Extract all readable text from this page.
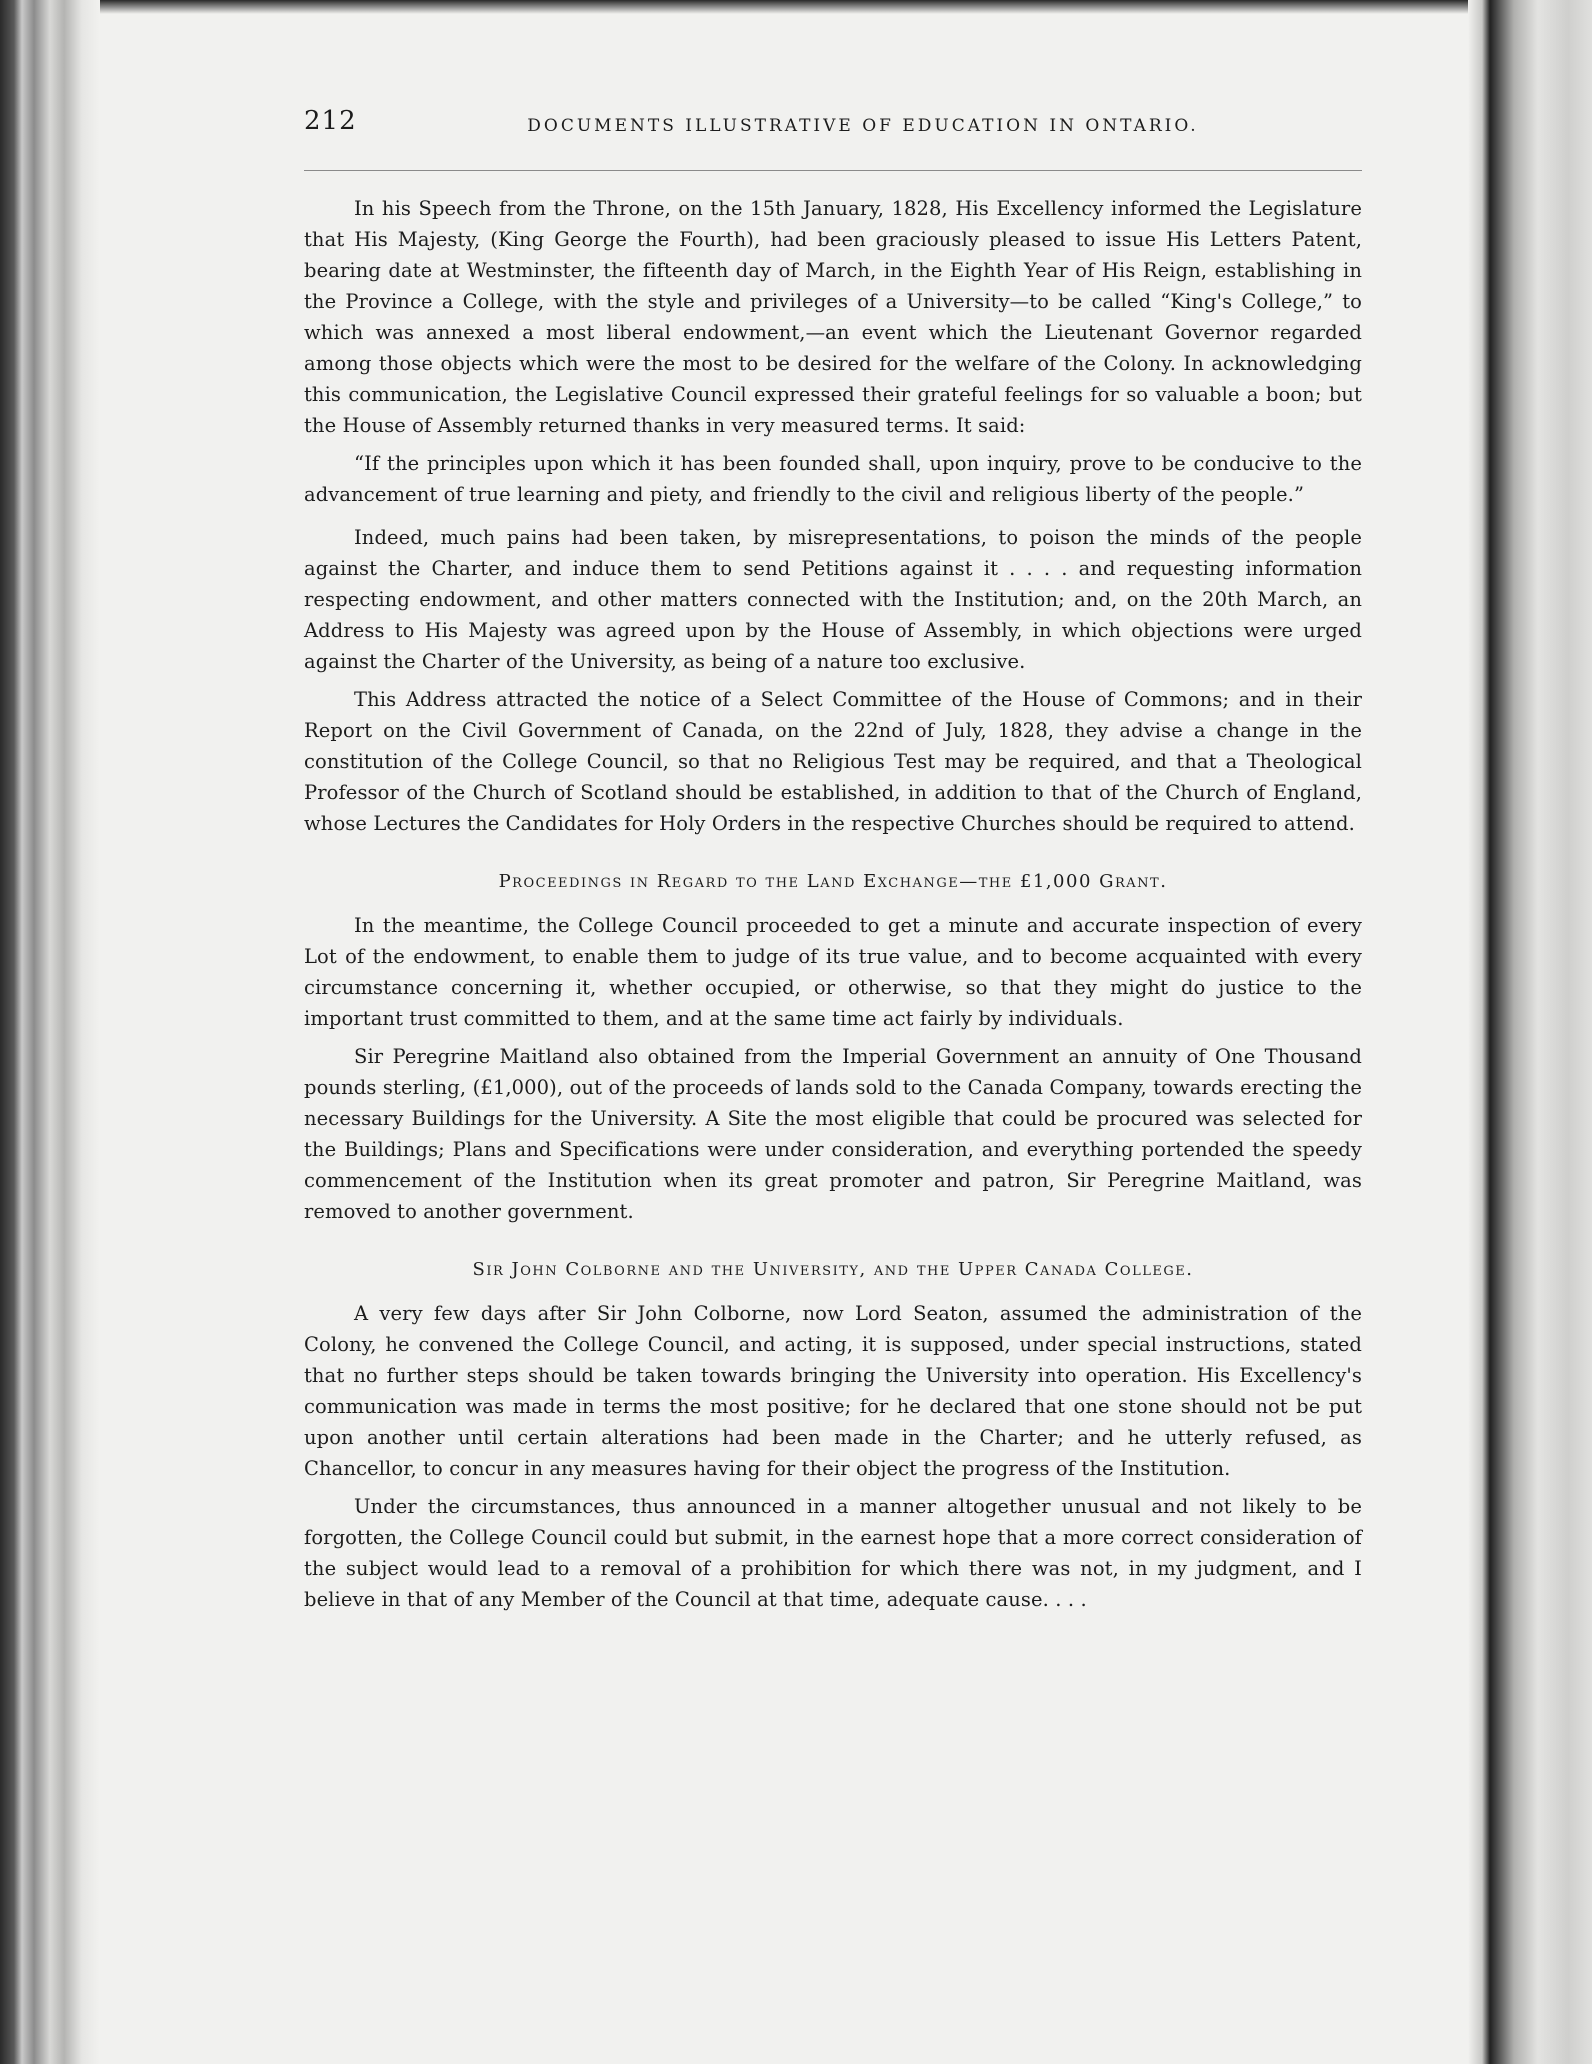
212	DOCUMENTS ILLUSTRATIVE OF EDUCATION IN ONTARIO.

In his Speech from the Throne, on the 15th January, 1828, His Excellency informed the Legislature that His Majesty, (King George the Fourth), had been graciously pleased to issue His Letters Patent, bearing date at Westminster, the fifteenth day of March, in the Eighth Year of His Reign, establishing in the Province a College, with the style and privileges of a University—to be called “King's College,” to which was annexed a most liberal endowment,—an event which the Lieutenant Governor regarded among those objects which were the most to be desired for the welfare of the Colony. In acknowledging this communication, the Legislative Council expressed their grateful feelings for so valuable a boon; but the House of Assembly returned thanks in very measured terms. It said:

“If the principles upon which it has been founded shall, upon inquiry, prove to be conducive to the advancement of true learning and piety, and friendly to the civil and religious liberty of the people.”

Indeed, much pains had been taken, by misrepresentations, to poison the minds of the people against the Charter, and induce them to send Petitions against it . . . . and requesting information respecting endowment, and other matters connected with the Institution; and, on the 20th March, an Address to His Majesty was agreed upon by the House of Assembly, in which objections were urged against the Charter of the University, as being of a nature too exclusive.

This Address attracted the notice of a Select Committee of the House of Commons; and in their Report on the Civil Government of Canada, on the 22nd of July, 1828, they advise a change in the constitution of the College Council, so that no Religious Test may be required, and that a Theological Professor of the Church of Scotland should be established, in addition to that of the Church of England, whose Lectures the Candidates for Holy Orders in the respective Churches should be required to attend.

Proceedings in Regard to the Land Exchange—the £1,000 Grant.

In the meantime, the College Council proceeded to get a minute and accurate inspection of every Lot of the endowment, to enable them to judge of its true value, and to become acquainted with every circumstance concerning it, whether occupied, or otherwise, so that they might do justice to the important trust committed to them, and at the same time act fairly by individuals.

Sir Peregrine Maitland also obtained from the Imperial Government an annuity of One Thousand pounds sterling, (£1,000), out of the proceeds of lands sold to the Canada Company, towards erecting the necessary Buildings for the University. A Site the most eligible that could be procured was selected for the Buildings; Plans and Specifications were under consideration, and everything portended the speedy commencement of the Institution when its great promoter and patron, Sir Peregrine Maitland, was removed to another government.

Sir John Colborne and the University, and the Upper Canada College.

A very few days after Sir John Colborne, now Lord Seaton, assumed the administration of the Colony, he convened the College Council, and acting, it is supposed, under special instructions, stated that no further steps should be taken towards bringing the University into operation. His Excellency's communication was made in terms the most positive; for he declared that one stone should not be put upon another until certain alterations had been made in the Charter; and he utterly refused, as Chancellor, to concur in any measures having for their object the progress of the Institution.

Under the circumstances, thus announced in a manner altogether unusual and not likely to be forgotten, the College Council could but submit, in the earnest hope that a more correct consideration of the subject would lead to a removal of a prohibition for which there was not, in my judgment, and I believe in that of any Member of the Council at that time, adequate cause. . . .
